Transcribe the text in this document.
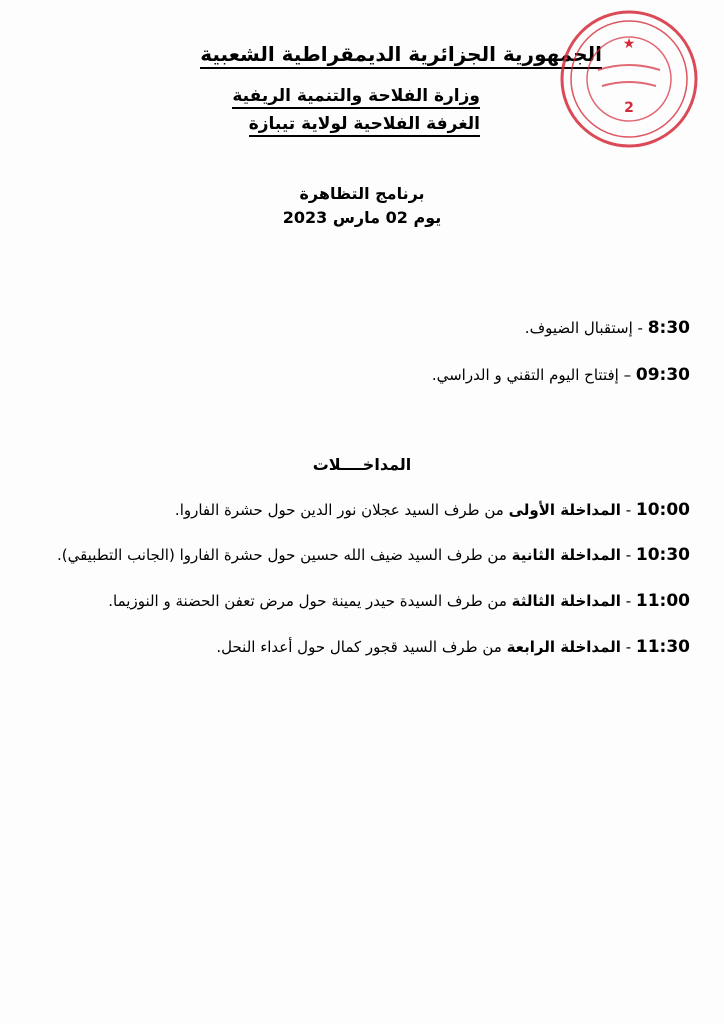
الجمهورية الجزائرية الديمقراطية الشعبية
وزارة الفلاحة والتنمية الريفية
الغرفة الفلاحية لولاية تيبازة
★
2
برنامج التظاهرة
يوم 02 مارس 2023
8:30 - إستقبال الضيوف.
09:30 – إفتتاح اليوم التقني و الدراسي.
المداخــــلات
10:00 - المداخلة الأولى من طرف السيد عجلان نور الدين حول حشرة الفاروا.
10:30 - المداخلة الثانية من طرف السيد ضيف الله حسين حول حشرة الفاروا (الجانب التطبيقي).
11:00 - المداخلة الثالثة من طرف السيدة حيدر يمينة حول مرض تعفن الحضنة و النوزيما.
11:30 - المداخلة الرابعة من طرف السيد قجور كمال حول أعداء النحل.
